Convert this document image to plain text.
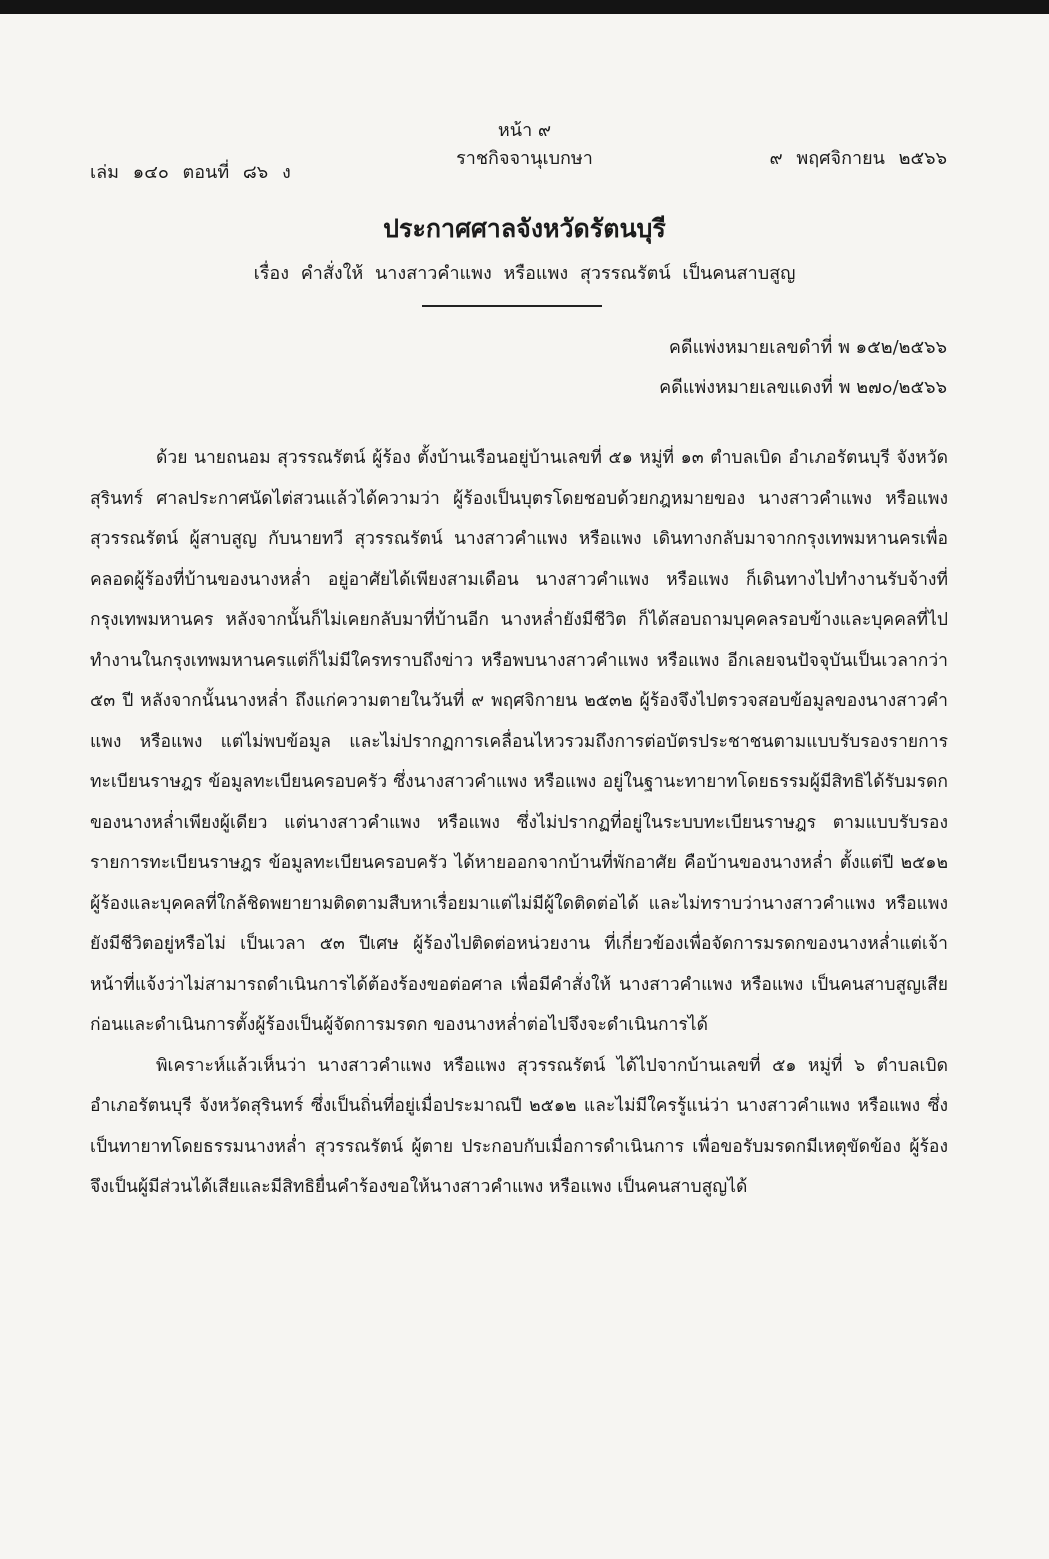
หน้า ๙
ราชกิจจานุเบกษา
เล่ม ๑๔๐ ตอนที่ ๘๖ ง
๙ พฤศจิกายน ๒๕๖๖
ประกาศศาลจังหวัดรัตนบุรี
เรื่อง คำสั่งให้ นางสาวคำแพง หรือแพง สุวรรณรัตน์ เป็นคนสาบสูญ
คดีแพ่งหมายเลขดำที่ พ ๑๕๒/๒๕๖๖
คดีแพ่งหมายเลขแดงที่ พ ๒๗๐/๒๕๖๖

ด้วย นายถนอม สุวรรณรัตน์ ผู้ร้อง ตั้งบ้านเรือนอยู่บ้านเลขที่ ๕๑ หมู่ที่ ๑๓ ตำบลเบิด อำเภอรัตนบุรี จังหวัดสุรินทร์ ศาลประกาศนัดไต่สวนแล้วได้ความว่า ผู้ร้องเป็นบุตรโดยชอบด้วยกฎหมายของ นางสาวคำแพง หรือแพง สุวรรณรัตน์ ผู้สาบสูญ กับนายทวี สุวรรณรัตน์ นางสาวคำแพง หรือแพง เดินทางกลับมาจากกรุงเทพมหานครเพื่อคลอดผู้ร้องที่บ้านของนางหล่ำ อยู่อาศัยได้เพียงสามเดือน นางสาวคำแพง หรือแพง ก็เดินทางไปทำงานรับจ้างที่กรุงเทพมหานคร หลังจากนั้นก็ไม่เคยกลับมาที่บ้านอีก นางหล่ำยังมีชีวิต ก็ได้สอบถามบุคคลรอบข้างและบุคคลที่ไปทำงานในกรุงเทพมหานครแต่ก็ไม่มีใครทราบถึงข่าว หรือพบนางสาวคำแพง หรือแพง อีกเลยจนปัจจุบันเป็นเวลากว่า ๕๓ ปี หลังจากนั้นนางหล่ำ ถึงแก่ความตายในวันที่ ๙ พฤศจิกายน ๒๕๓๒ ผู้ร้องจึงไปตรวจสอบข้อมูลของนางสาวคำแพง หรือแพง แต่ไม่พบข้อมูล และไม่ปรากฏการเคลื่อนไหวรวมถึงการต่อบัตรประชาชนตามแบบรับรองรายการทะเบียนราษฎร ข้อมูลทะเบียนครอบครัว ซึ่งนางสาวคำแพง หรือแพง อยู่ในฐานะทายาทโดยธรรมผู้มีสิทธิได้รับมรดก ของนางหล่ำเพียงผู้เดียว แต่นางสาวคำแพง หรือแพง ซึ่งไม่ปรากฏที่อยู่ในระบบทะเบียนราษฎร ตามแบบรับรองรายการทะเบียนราษฎร ข้อมูลทะเบียนครอบครัว ได้หายออกจากบ้านที่พักอาศัย คือบ้านของนางหล่ำ ตั้งแต่ปี ๒๕๑๒ ผู้ร้องและบุคคลที่ใกล้ชิดพยายามติดตามสืบหาเรื่อยมาแต่ไม่มีผู้ใดติดต่อได้ และไม่ทราบว่านางสาวคำแพง หรือแพง ยังมีชีวิตอยู่หรือไม่ เป็นเวลา ๕๓ ปีเศษ ผู้ร้องไปติดต่อหน่วยงาน ที่เกี่ยวข้องเพื่อจัดการมรดกของนางหล่ำแต่เจ้าหน้าที่แจ้งว่าไม่สามารถดำเนินการได้ต้องร้องขอต่อศาล เพื่อมีคำสั่งให้ นางสาวคำแพง หรือแพง เป็นคนสาบสูญเสียก่อนและดำเนินการตั้งผู้ร้องเป็นผู้จัดการมรดก ของนางหล่ำต่อไปจึงจะดำเนินการได้

พิเคราะห์แล้วเห็นว่า นางสาวคำแพง หรือแพง สุวรรณรัตน์ ได้ไปจากบ้านเลขที่ ๕๑ หมู่ที่ ๖ ตำบลเบิด อำเภอรัตนบุรี จังหวัดสุรินทร์ ซึ่งเป็นถิ่นที่อยู่เมื่อประมาณปี ๒๕๑๒ และไม่มีใครรู้แน่ว่า นางสาวคำแพง หรือแพง ซึ่งเป็นทายาทโดยธรรมนางหล่ำ สุวรรณรัตน์ ผู้ตาย ประกอบกับเมื่อการดำเนินการ เพื่อขอรับมรดกมีเหตุขัดข้อง ผู้ร้องจึงเป็นผู้มีส่วนได้เสียและมีสิทธิยื่นคำร้องขอให้นางสาวคำแพง หรือแพง เป็นคนสาบสูญได้
